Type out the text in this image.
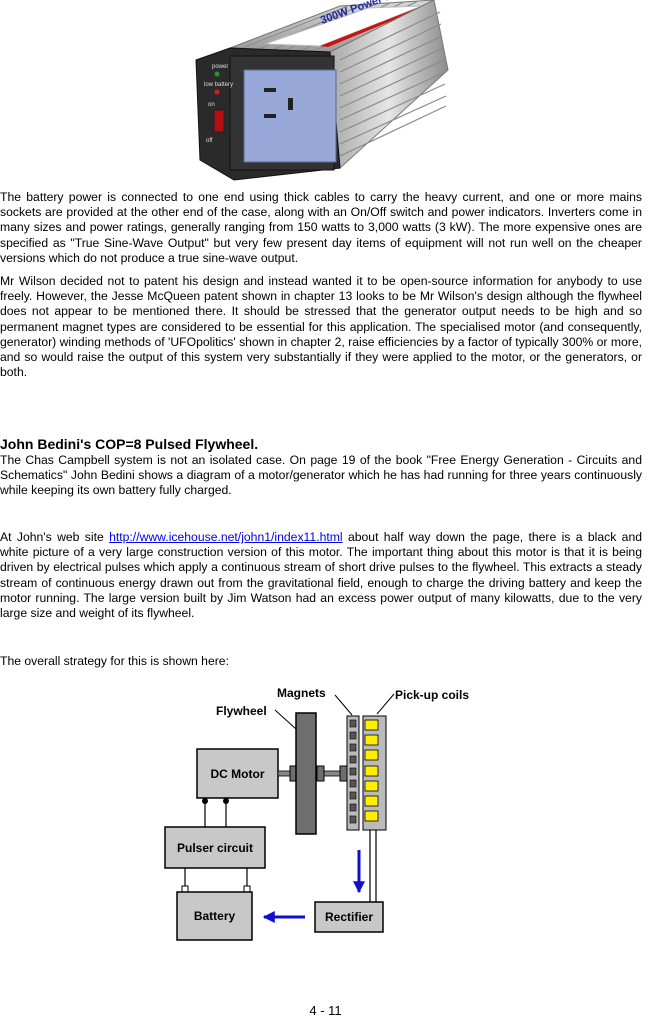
300W Power
power
low battery
on
off

The battery power is connected to one end using thick cables to carry the heavy current, and one or more mains sockets are provided at the other end of the case, along with an On/Off switch and power indicators. Inverters come in many sizes and power ratings, generally ranging from 150 watts to 3,000 watts (3 kW). The more expensive ones are specified as "True Sine-Wave Output" but very few present day items of equipment will not run well on the cheaper versions which do not produce a true sine-wave output.

Mr Wilson decided not to patent his design and instead wanted it to be open-source information for anybody to use freely. However, the Jesse McQueen patent shown in chapter 13 looks to be Mr Wilson's design although the flywheel does not appear to be mentioned there. It should be stressed that the generator output needs to be high and so permanent magnet types are considered to be essential for this application. The specialised motor (and consequently, generator) winding methods of 'UFOpolitics' shown in chapter 2, raise efficiencies by a factor of typically 300% or more, and so would raise the output of this system very substantially if they were applied to the motor, or the generators, or both.

John Bedini's COP=8 Pulsed Flywheel.

The Chas Campbell system is not an isolated case. On page 19 of the book "Free Energy Generation - Circuits and Schematics" John Bedini shows a diagram of a motor/generator which he has had running for three years continuously while keeping its own battery fully charged.

At John's web site http://www.icehouse.net/john1/index11.html about half way down the page, there is a black and white picture of a very large construction version of this motor. The important thing about this motor is that it is being driven by electrical pulses which apply a continuous stream of short drive pulses to the flywheel. This extracts a steady stream of continuous energy drawn out from the gravitational field, enough to charge the driving battery and keep the motor running. The large version built by Jim Watson had an excess power output of many kilowatts, due to the very large size and weight of its flywheel.

The overall strategy for this is shown here:

Magnets	Pick-up coils
Flywheel
DC Motor
Pulser circuit
Battery	Rectifier
4 - 11
